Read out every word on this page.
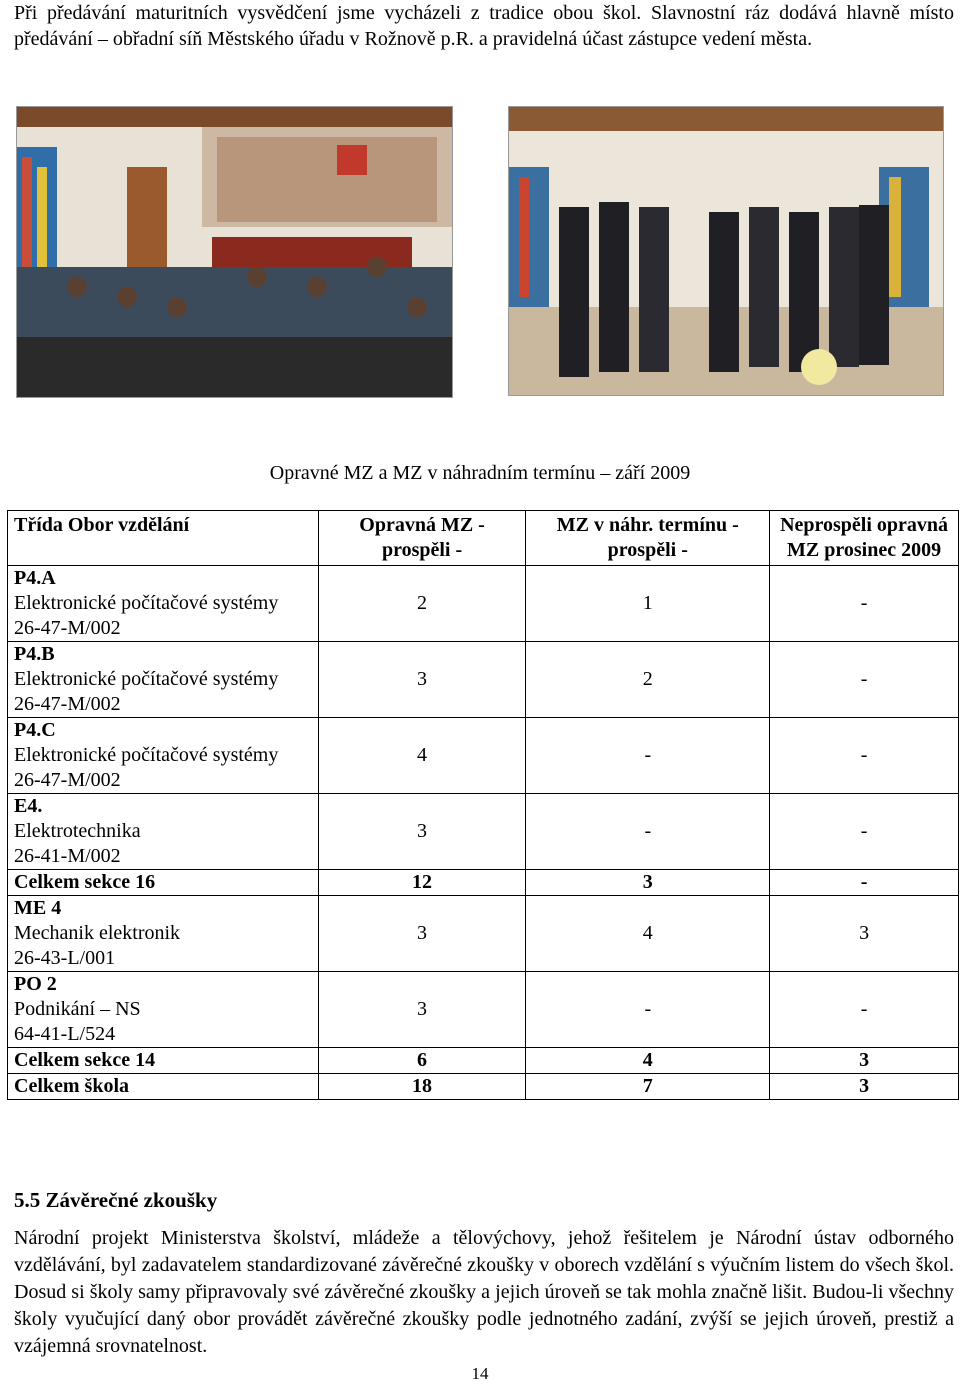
Při předávání maturitních vysvědčení jsme vycházeli z tradice obou škol. Slavnostní ráz dodává hlavně místo předávání – obřadní síň Městského úřadu v Rožnově p.R. a pravidelná účast zástupce vedení města.
Opravné MZ a MZ v náhradním termínu – září 2009
Třída Obor vzdělání	Opravná MZ - prospěli -	MZ v náhr. termínu - prospěli -	Neprospěli opravná MZ prosinec 2009

P4.A
Elektronické počítačové systémy
26-47-M/002	2	1	-

P4.B
Elektronické počítačové systémy
26-47-M/002	3	2	-

P4.C
Elektronické počítačové systémy
26-47-M/002	4	-	-

E4.
Elektrotechnika
26-41-M/002	3	-	-
Celkem sekce 16	12	3	-

ME 4
Mechanik elektronik
26-43-L/001	3	4	3

PO 2
Podnikání – NS
64-41-L/524	3	-	-
Celkem sekce 14	6	4	3
Celkem škola	18	7	3
5.5 Závěrečné zkoušky
Národní projekt Ministerstva školství, mládeže a tělovýchovy, jehož řešitelem je Národní ústav odborného vzdělávání, byl zadavatelem standardizované závěrečné zkoušky v oborech vzdělání s výučním listem do všech škol. Dosud si školy samy připravovaly své závěrečné zkoušky a jejich úroveň se tak mohla značně lišit. Budou-li všechny školy vyučující daný obor provádět závěrečné zkoušky podle jednotného zadání, zvýší se jejich úroveň, prestiž a vzájemná srovnatelnost.
14
